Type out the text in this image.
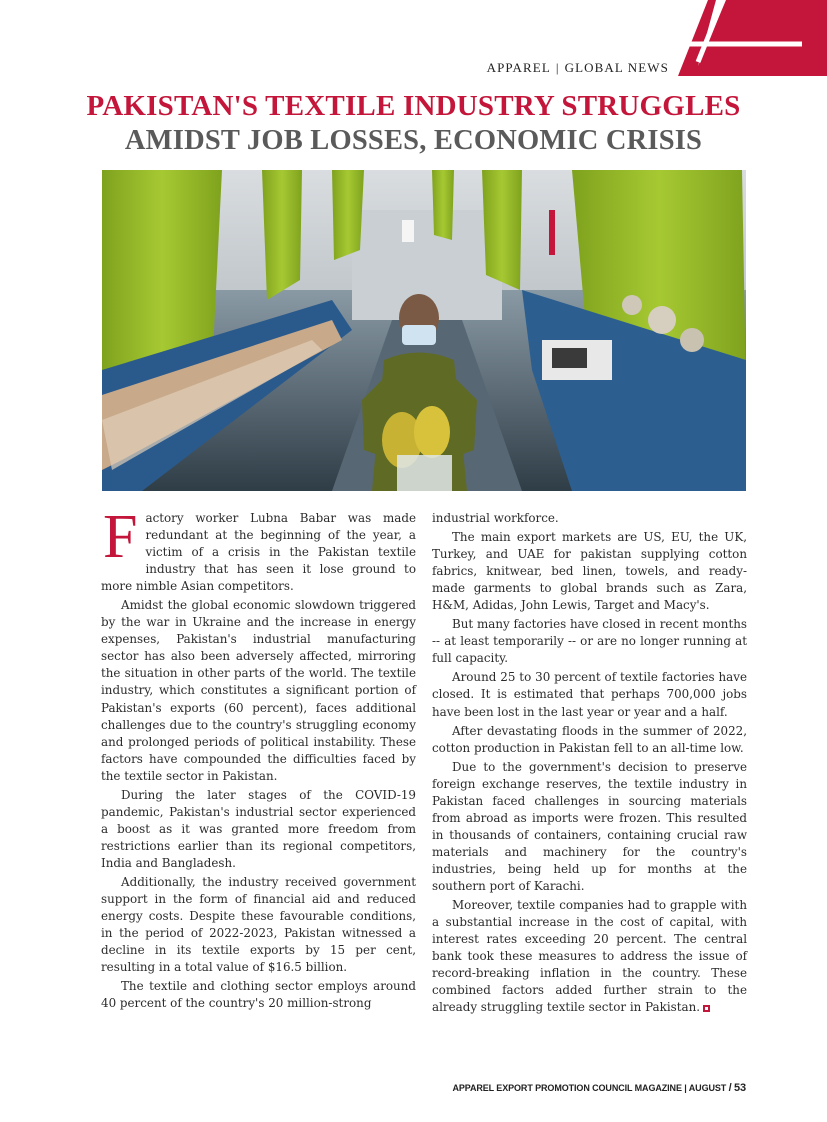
APPAREL | GLOBAL NEWS
PAKISTAN'S TEXTILE INDUSTRY STRUGGLES
AMIDST JOB LOSSES, ECONOMIC CRISIS

Factory worker Lubna Babar was made redundant at the beginning of the year, a victim of a crisis in the Pakistan textile industry that has seen it lose ground to more nimble Asian competitors.

Amidst the global economic slowdown triggered by the war in Ukraine and the increase in energy expenses, Pakistan's industrial manufacturing sector has also been adversely affected, mirroring the situation in other parts of the world. The textile industry, which constitutes a significant portion of Pakistan's exports (60 percent), faces additional challenges due to the country's struggling economy and prolonged periods of political instability. These factors have compounded the difficulties faced by the textile sector in Pakistan.

During the later stages of the COVID-19 pandemic, Pakistan's industrial sector experienced a boost as it was granted more freedom from restrictions earlier than its regional competitors, India and Bangladesh.

Additionally, the industry received government support in the form of financial aid and reduced energy costs. Despite these favourable conditions, in the period of 2022-2023, Pakistan witnessed a decline in its textile exports by 15 per cent, resulting in a total value of $16.5 billion.

The textile and clothing sector employs around 40 percent of the country's 20 million-strong

industrial workforce.

The main export markets are US, EU, the UK, Turkey, and UAE for pakistan supplying cotton fabrics, knitwear, bed linen, towels, and ready-made garments to global brands such as Zara, H&M, Adidas, John Lewis, Target and Macy's.

But many factories have closed in recent months -- at least temporarily -- or are no longer running at full capacity.

Around 25 to 30 percent of textile factories have closed. It is estimated that perhaps 700,000 jobs have been lost in the last year or year and a half.

After devastating floods in the summer of 2022, cotton production in Pakistan fell to an all-time low.

Due to the government's decision to preserve foreign exchange reserves, the textile industry in Pakistan faced challenges in sourcing materials from abroad as imports were frozen. This resulted in thousands of containers, containing crucial raw materials and machinery for the country's industries, being held up for months at the southern port of Karachi.

Moreover, textile companies had to grapple with a substantial increase in the cost of capital, with interest rates exceeding 20 percent. The central bank took these measures to address the issue of record-breaking inflation in the country. These combined factors added further strain to the already struggling textile sector in Pakistan.

APPAREL EXPORT PROMOTION COUNCIL MAGAZINE | AUGUST / 53
